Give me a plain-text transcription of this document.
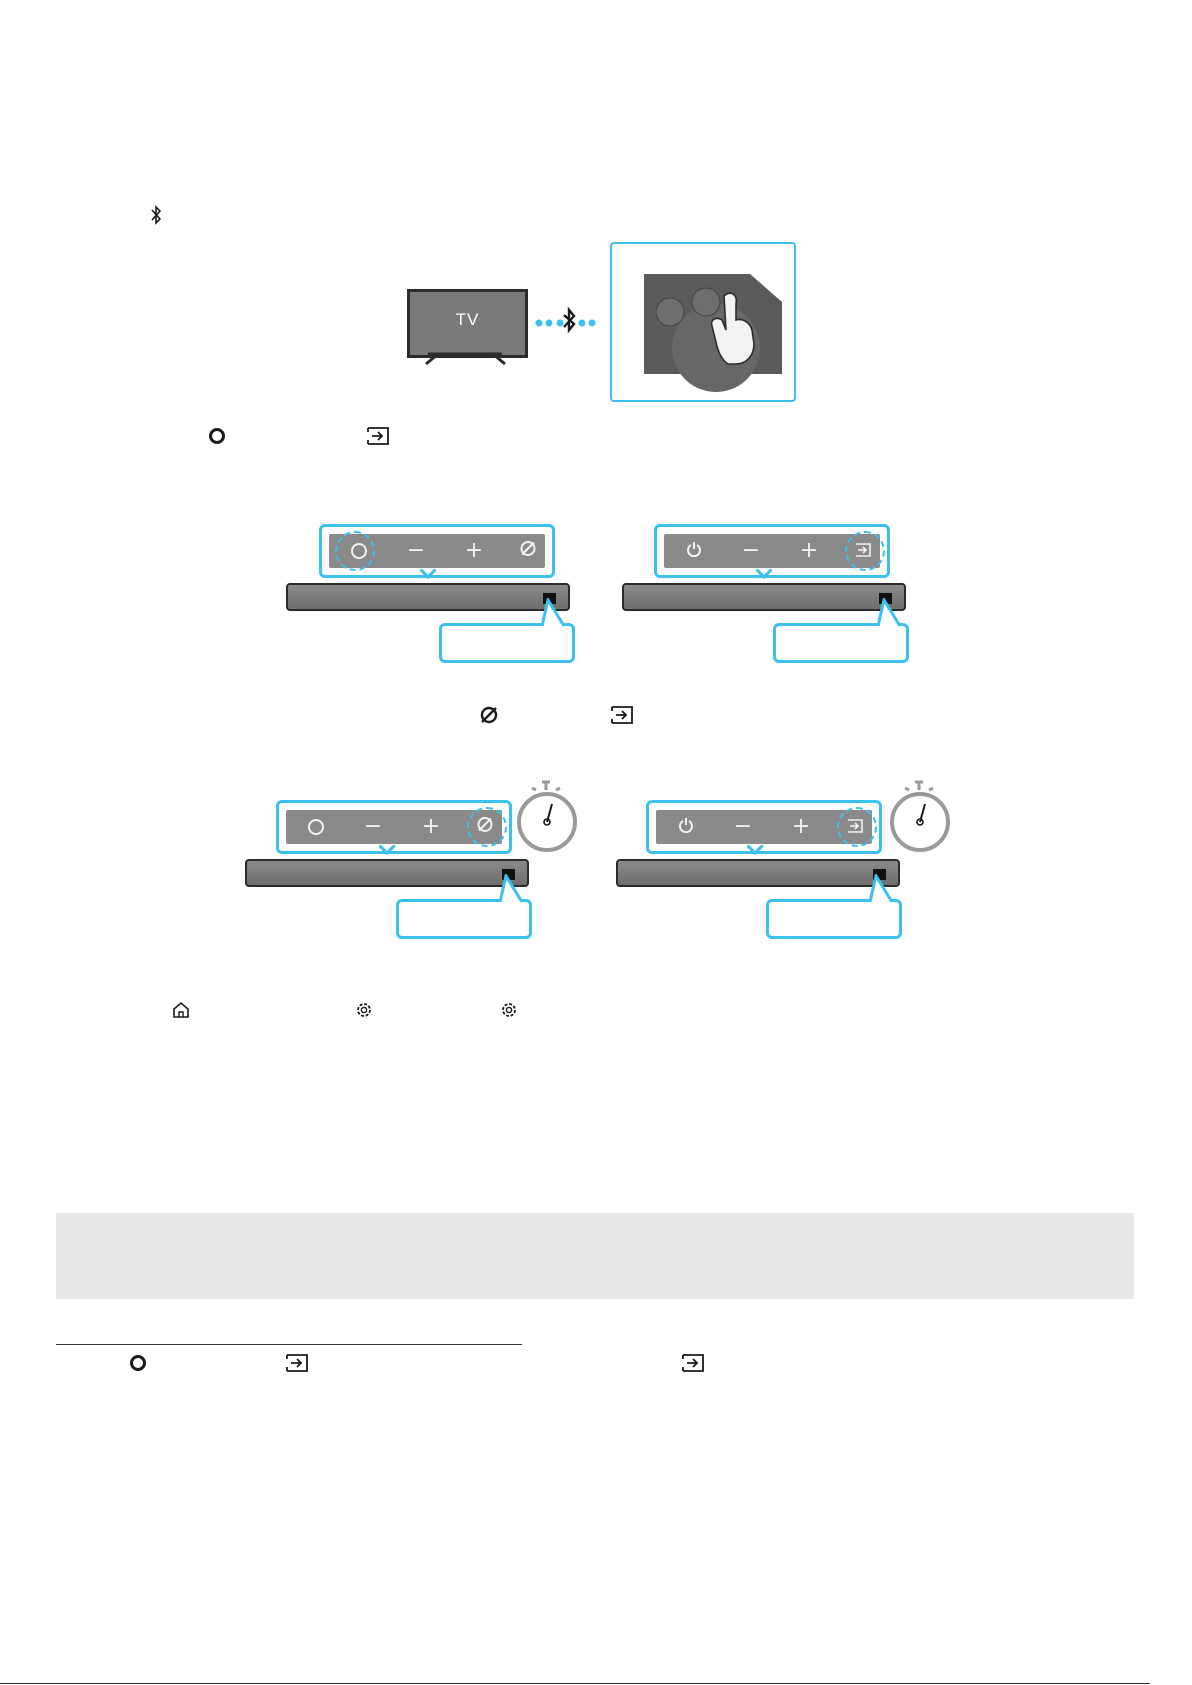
TV
− +	− +
− +	− +
